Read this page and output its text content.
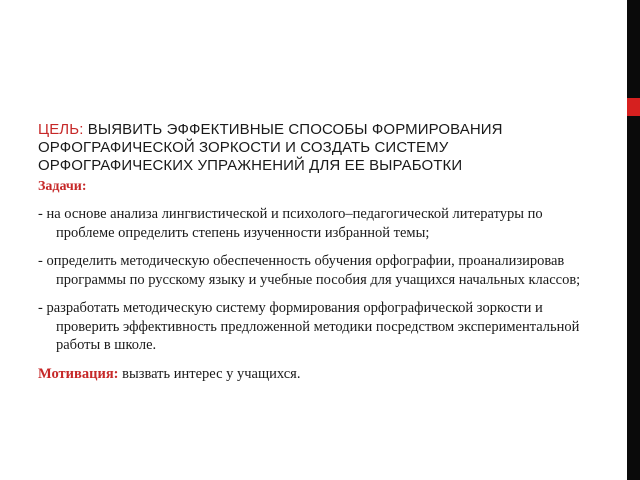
ЦЕЛЬ: ВЫЯВИТЬ ЭФФЕКТИВНЫЕ СПОСОБЫ ФОРМИРОВАНИЯ ОРФОГРАФИЧЕСКОЙ ЗОРКОСТИ И СОЗДАТЬ СИСТЕМУ ОРФОГРАФИЧЕСКИХ УПРАЖНЕНИЙ ДЛЯ ЕЕ ВЫРАБОТКИ

Задачи:

- на основе анализа лингвистической и психолого–педагогической литературы по проблеме определить степень изученности избранной темы;

- определить методическую обеспеченность обучения орфографии, проанализировав программы по русскому языку и учебные пособия для учащихся начальных классов;

- разработать методическую систему формирования орфографической зоркости и проверить эффективность предложенной методики посредством экспериментальной работы в школе.

Мотивация: вызвать интерес у учащихся.
